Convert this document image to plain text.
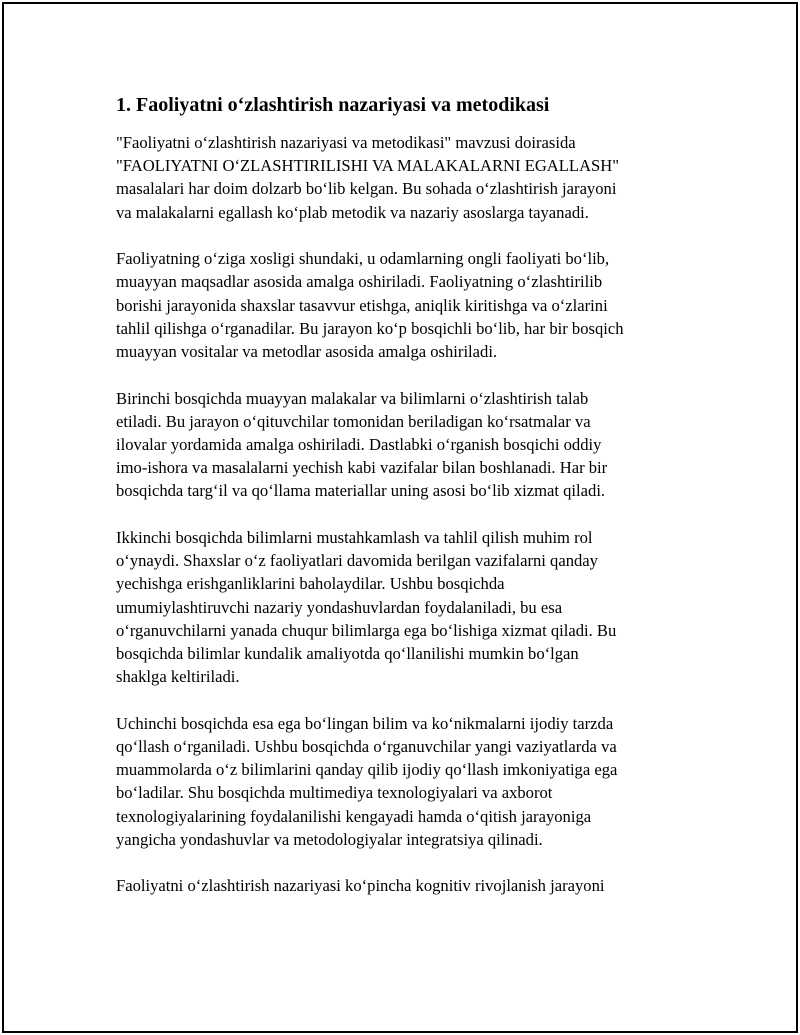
1. Faoliyatni o‘zlashtirish nazariyasi va metodikasi
"Faoliyatni o‘zlashtirish nazariyasi va metodikasi" mavzusi doirasida
"FAOLIYATNI O‘ZLASHTIRILISHI VA MALAKALARNI EGALLASH"
masalalari har doim dolzarb bo‘lib kelgan. Bu sohada o‘zlashtirish jarayoni
va malakalarni egallash ko‘plab metodik va nazariy asoslarga tayanadi.
Faoliyatning o‘ziga xosligi shundaki, u odamlarning ongli faoliyati bo‘lib,
muayyan maqsadlar asosida amalga oshiriladi. Faoliyatning o‘zlashtirilib
borishi jarayonida shaxslar tasavvur etishga, aniqlik kiritishga va o‘zlarini
tahlil qilishga o‘rganadilar. Bu jarayon ko‘p bosqichli bo‘lib, har bir bosqich
muayyan vositalar va metodlar asosida amalga oshiriladi.
Birinchi bosqichda muayyan malakalar va bilimlarni o‘zlashtirish talab
etiladi. Bu jarayon o‘qituvchilar tomonidan beriladigan ko‘rsatmalar va
ilovalar yordamida amalga oshiriladi. Dastlabki o‘rganish bosqichi oddiy
imo-ishora va masalalarni yechish kabi vazifalar bilan boshlanadi. Har bir
bosqichda targ‘il va qo‘llama materiallar uning asosi bo‘lib xizmat qiladi.
Ikkinchi bosqichda bilimlarni mustahkamlash va tahlil qilish muhim rol
o‘ynaydi. Shaxslar o‘z faoliyatlari davomida berilgan vazifalarni qanday
yechishga erishganliklarini baholaydilar. Ushbu bosqichda
umumiylashtiruvchi nazariy yondashuvlardan foydalaniladi, bu esa
o‘rganuvchilarni yanada chuqur bilimlarga ega bo‘lishiga xizmat qiladi. Bu
bosqichda bilimlar kundalik amaliyotda qo‘llanilishi mumkin bo‘lgan
shaklga keltiriladi.
Uchinchi bosqichda esa ega bo‘lingan bilim va ko‘nikmalarni ijodiy tarzda
qo‘llash o‘rganiladi. Ushbu bosqichda o‘rganuvchilar yangi vaziyatlarda va
muammolarda o‘z bilimlarini qanday qilib ijodiy qo‘llash imkoniyatiga ega
bo‘ladilar. Shu bosqichda multimediya texnologiyalari va axborot
texnologiyalarining foydalanilishi kengayadi hamda o‘qitish jarayoniga
yangicha yondashuvlar va metodologiyalar integratsiya qilinadi.
Faoliyatni o‘zlashtirish nazariyasi ko‘pincha kognitiv rivojlanish jarayoni
